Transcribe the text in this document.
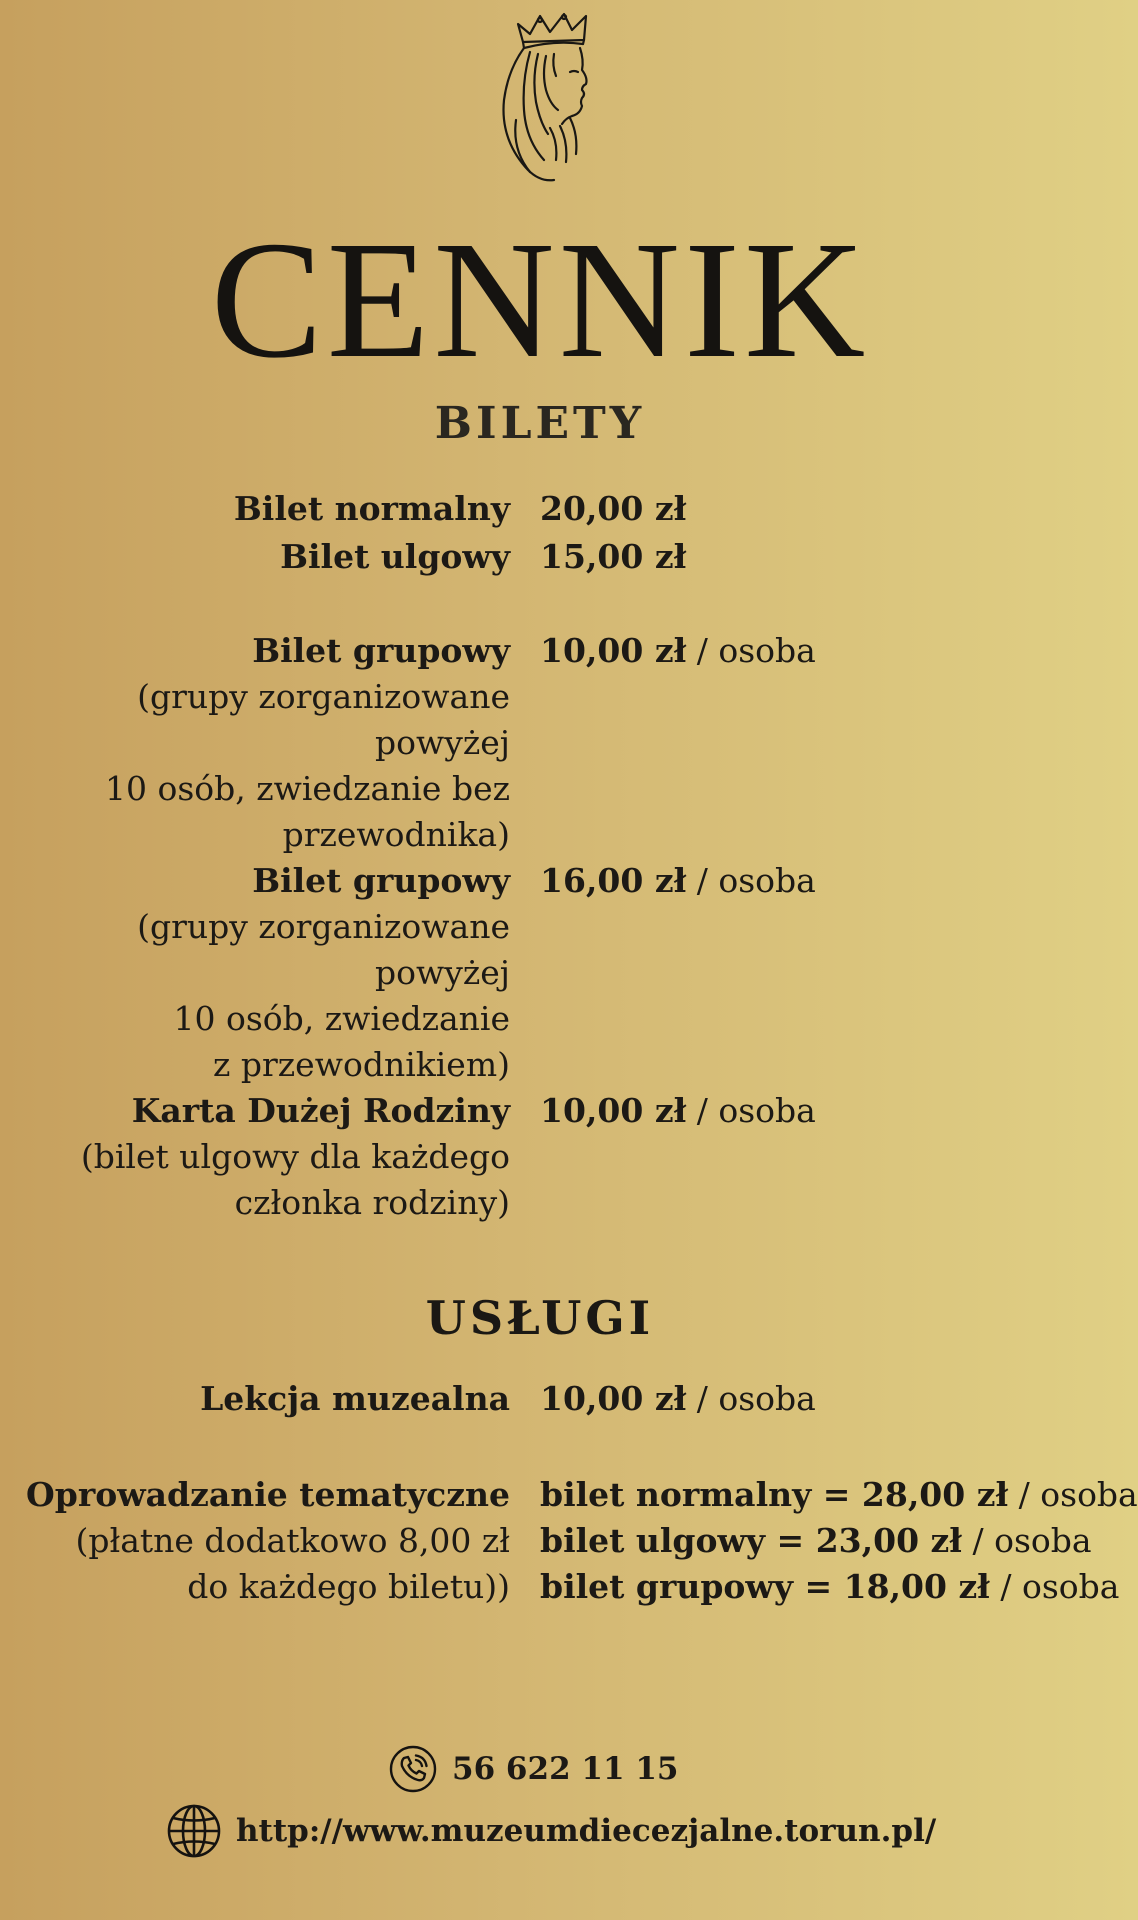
CENNIK
BILETY
Bilet normalny 20,00 zł
Bilet ulgowy 15,00 zł
Bilet grupowy
(grupy zorganizowane powyżej
10 osób, zwiedzanie bez
przewodnika)
10,00 zł / osoba
Bilet grupowy
(grupy zorganizowane powyżej
10 osób, zwiedzanie
z przewodnikiem)
16,00 zł / osoba
Karta Dużej Rodziny
(bilet ulgowy dla każdego
członka rodziny)
10,00 zł / osoba
USŁUGI
Lekcja muzealna 10,00 zł / osoba
Oprowadzanie tematyczne
(płatne dodatkowo 8,00 zł
do każdego biletu))
bilet normalny = 28,00 zł / osoba
bilet ulgowy = 23,00 zł / osoba
bilet grupowy = 18,00 zł / osoba
56 622 11 15
http://www.muzeumdiecezjalne.torun.pl/
